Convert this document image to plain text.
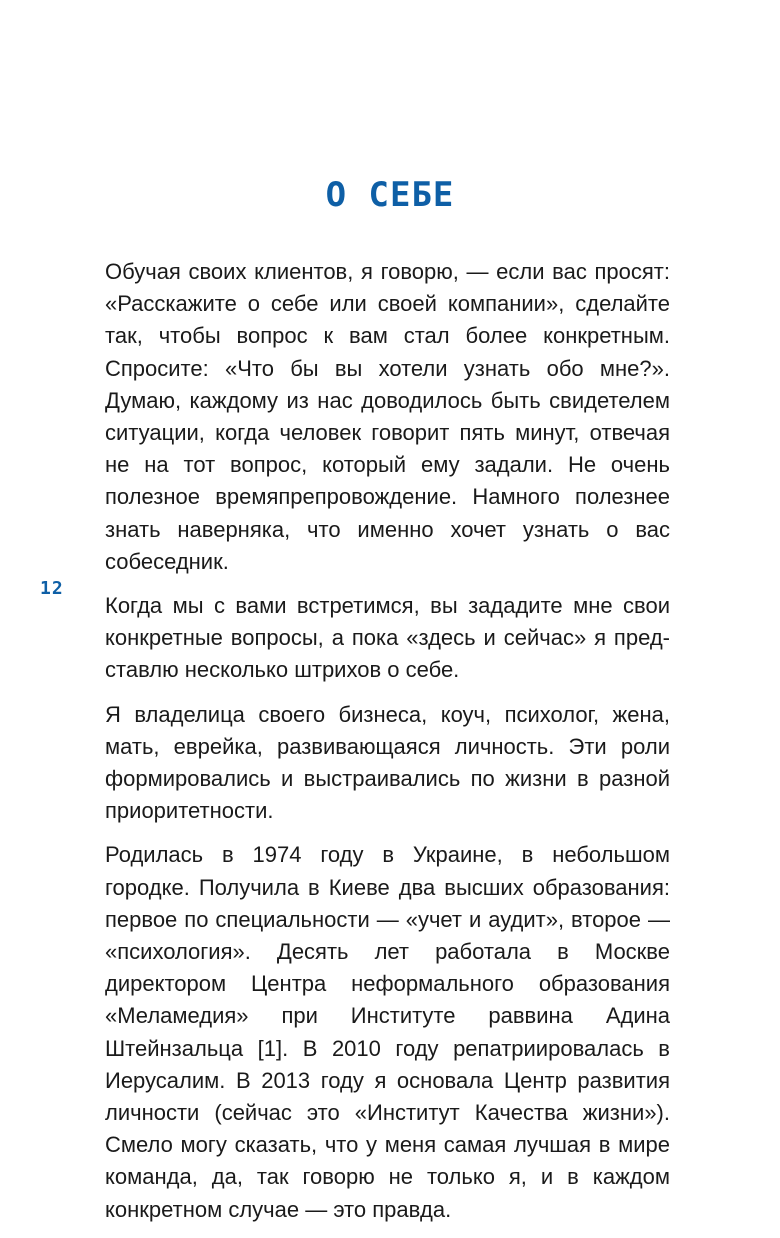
О СЕБЕ
12

Обучая своих клиентов, я говорю, — если вас просят: «Расскажите о себе или своей компании», сделайте так, чтобы вопрос к вам стал более конкретным. Спросите: «Что бы вы хотели узнать обо мне?». Думаю, каждому из нас доводилось быть свидетелем ситуации, когда человек говорит пять минут, отвечая не на тот вопрос, который ему задали. Не очень полезное времяпрепровождение. Намного полезнее знать наверняка, что именно хочет узнать о вас собеседник.

Когда мы с вами встретимся, вы зададите мне свои конкретные вопросы, а пока «здесь и сейчас» я представлю несколько штрихов о себе.

Я владелица своего бизнеса, коуч, психолог, жена, мать, еврейка, развивающаяся личность. Эти роли формировались и выстраивались по жизни в разной приоритетности.

Родилась в 1974 году в Украине, в небольшом городке. Получила в Киеве два высших образования: первое по специальности — «учет и аудит», второе — «психология». Десять лет работала в Москве директором Центра неформального образования «Меламедия» при Институте раввина Адина Штейнзальца [1]. В 2010 году репатриировалась в Иерусалим. В 2013 году я основала Центр развития личности (сейчас это «Институт Качества жизни»). Смело могу сказать, что у меня самая лучшая в мире команда, да, так говорю не только я, и в каждом конкретном случае — это правда.
